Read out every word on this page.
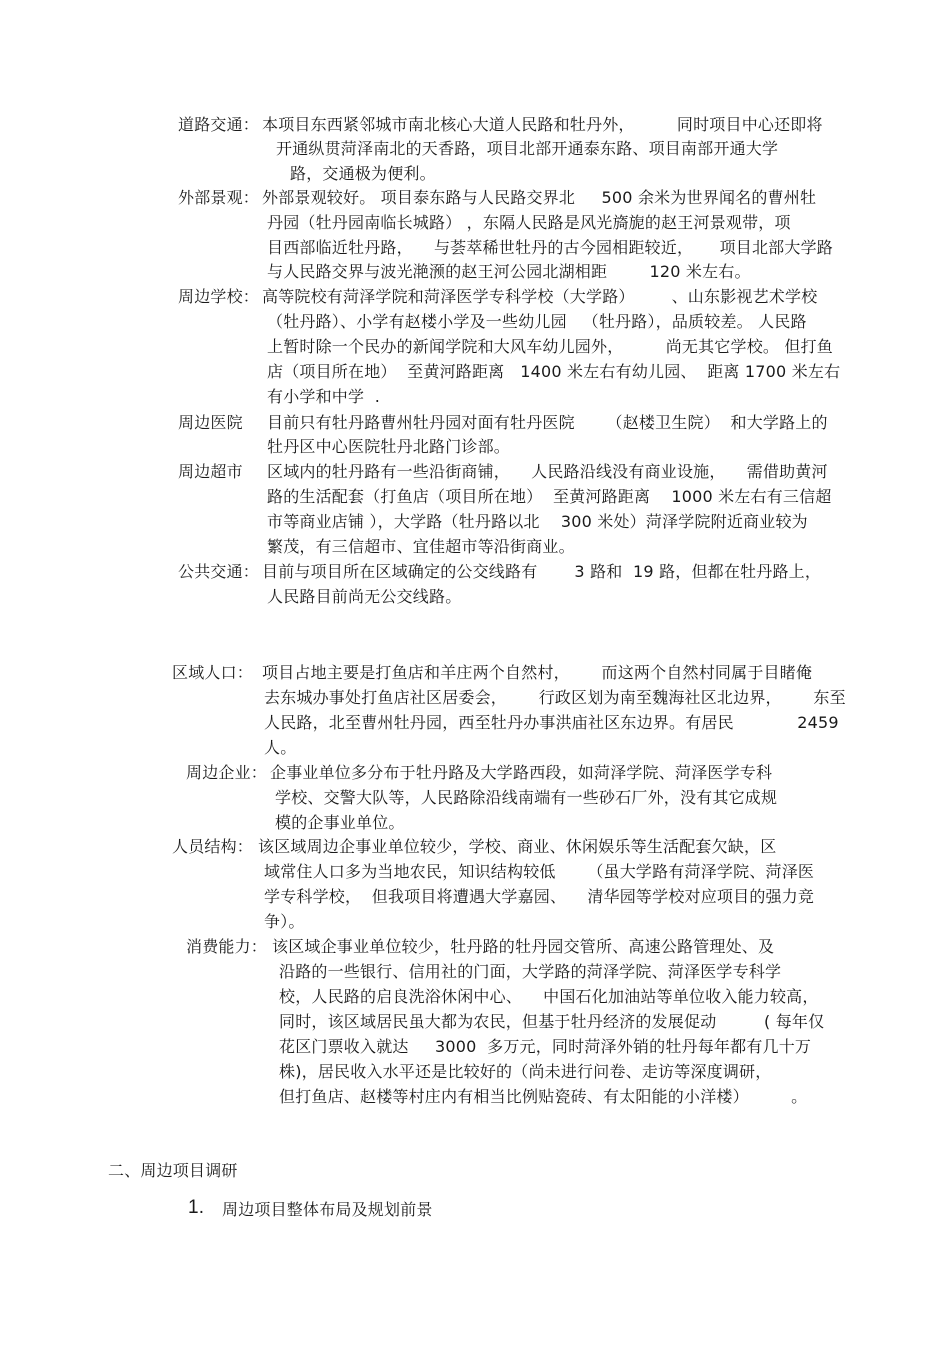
道路交通： 本项目东西紧邻城市南北核心大道人民路和牡丹外，        同时项目中心还即将
开通纵贯菏泽南北的天香路，项目北部开通泰东路、项目南部开通大学
路，交通极为便利。
外部景观： 外部景观较好。 项目泰东路与人民路交界北     500 余米为世界闻名的曹州牡
丹园（牡丹园南临长城路） ，东隔人民路是风光旖旎的赵王河景观带，项
目西部临近牡丹路，    与荟萃稀世牡丹的古今园相距较近，     项目北部大学路
与人民路交界与波光滟滪的赵王河公园北湖相距        120 米左右。
周边学校： 高等院校有菏泽学院和菏泽医学专科学校（大学路）       、山东影视艺术学校
（牡丹路）、小学有赵楼小学及一些幼儿园   （牡丹路），品质较差。 人民路
上暂时除一个民办的新闻学院和大风车幼儿园外，        尚无其它学校。 但打鱼
店（项目所在地）  至黄河路距离   1400 米左右有幼儿园、  距离 1700 米左右
有小学和中学  .
周边医院 目前只有牡丹路曹州牡丹园对面有牡丹医院      （赵楼卫生院）  和大学路上的
牡丹区中心医院牡丹北路门诊部。
周边超市 区域内的牡丹路有一些沿街商铺，    人民路沿线没有商业设施，    需借助黄河
路的生活配套（打鱼店（项目所在地）  至黄河路距离    1000 米左右有三信超
市等商业店铺 ），大学路（牡丹路以北    300 米处）菏泽学院附近商业较为
繁茂，有三信超市、宜佳超市等沿街商业。
公共交通： 目前与项目所在区域确定的公交线路有       3 路和  19 路，但都在牡丹路上，
人民路目前尚无公交线路。
区域人口： 项目占地主要是打鱼店和羊庄两个自然村，      而这两个自然村同属于目睹俺
去东城办事处打鱼店社区居委会，      行政区划为南至魏海社区北边界，      东至
人民路，北至曹州牡丹园，西至牡丹办事洪庙社区东边界。有居民            2459
人。
周边企业： 企事业单位多分布于牡丹路及大学路西段，如菏泽学院、菏泽医学专科
学校、交警大队等，人民路除沿线南端有一些砂石厂外，没有其它成规
模的企事业单位。
人员结构： 该区域周边企事业单位较少，学校、商业、休闲娱乐等生活配套欠缺，区
域常住人口多为当地农民，知识结构较低      （虽大学路有菏泽学院、菏泽医
学专科学校，  但我项目将遭遇大学嘉园、    清华园等学校对应项目的强力竞
争）。
消费能力： 该区域企事业单位较少，牡丹路的牡丹园交管所、高速公路管理处、及
沿路的一些银行、信用社的门面，大学路的菏泽学院、菏泽医学专科学
校，人民路的启良洗浴休闲中心、    中国石化加油站等单位收入能力较高，
同时，该区域居民虽大都为农民，但基于牡丹经济的发展促动         ( 每年仅
花区门票收入就达     3000  多万元，同时菏泽外销的牡丹每年都有几十万
株)，居民收入水平还是比较好的（尚未进行问卷、走访等深度调研，
但打鱼店、赵楼等村庄内有相当比例贴瓷砖、有太阳能的小洋楼）        。
二、周边项目调研
1. 周边项目整体布局及规划前景
